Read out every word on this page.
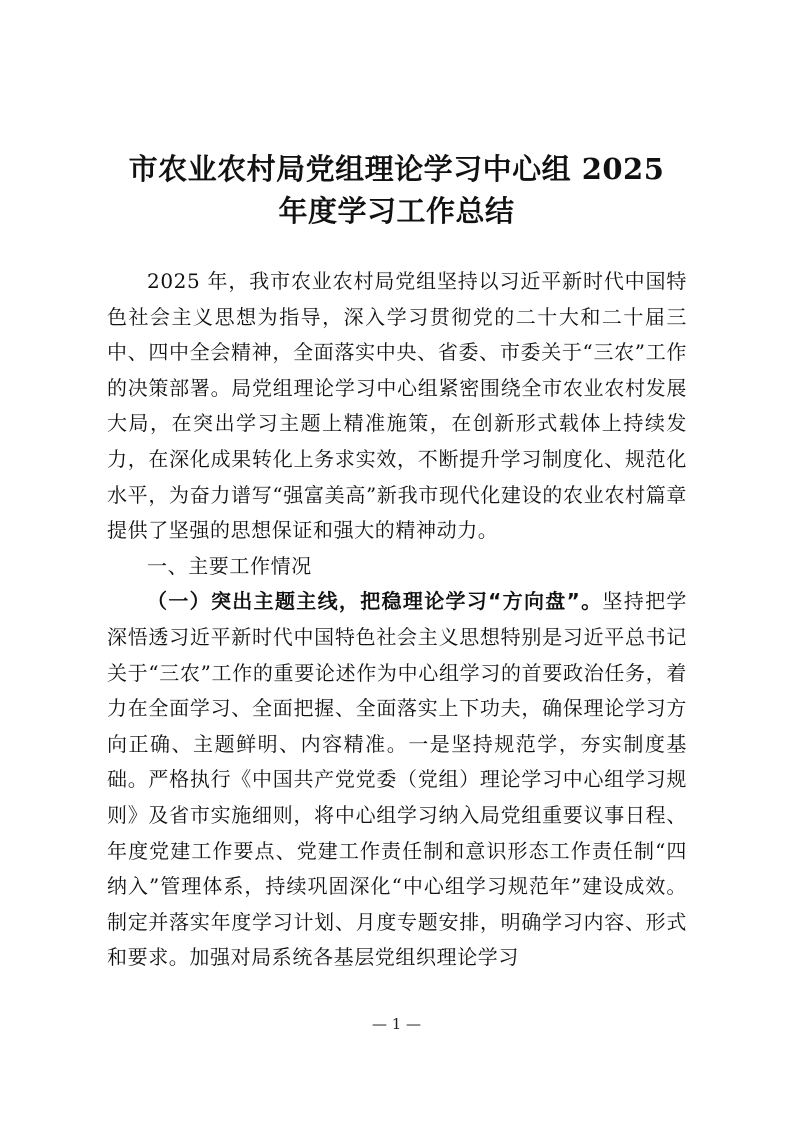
市农业农村局党组理论学习中心组 2025
年度学习工作总结

2025 年，我市农业农村局党组坚持以习近平新时代中国特色社会主义思想为指导，深入学习贯彻党的二十大和二十届三中、四中全会精神，全面落实中央、省委、市委关于“三农”工作的决策部署。局党组理论学习中心组紧密围绕全市农业农村发展大局，在突出学习主题上精准施策，在创新形式载体上持续发力，在深化成果转化上务求实效，不断提升学习制度化、规范化水平，为奋力谱写“强富美高”新我市现代化建设的农业农村篇章提供了坚强的思想保证和强大的精神动力。

一、主要工作情况

（一）突出主题主线，把稳理论学习“方向盘”。坚持把学深悟透习近平新时代中国特色社会主义思想特别是习近平总书记关于“三农”工作的重要论述作为中心组学习的首要政治任务，着力在全面学习、全面把握、全面落实上下功夫，确保理论学习方向正确、主题鲜明、内容精准。一是坚持规范学，夯实制度基础。严格执行《中国共产党党委（党组）理论学习中心组学习规则》及省市实施细则，将中心组学习纳入局党组重要议事日程、年度党建工作要点、党建工作责任制和意识形态工作责任制“四纳入”管理体系，持续巩固深化“中心组学习规范年”建设成效。制定并落实年度学习计划、月度专题安排，明确学习内容、形式和要求。加强对局系统各基层党组织理论学习

— 1 —
